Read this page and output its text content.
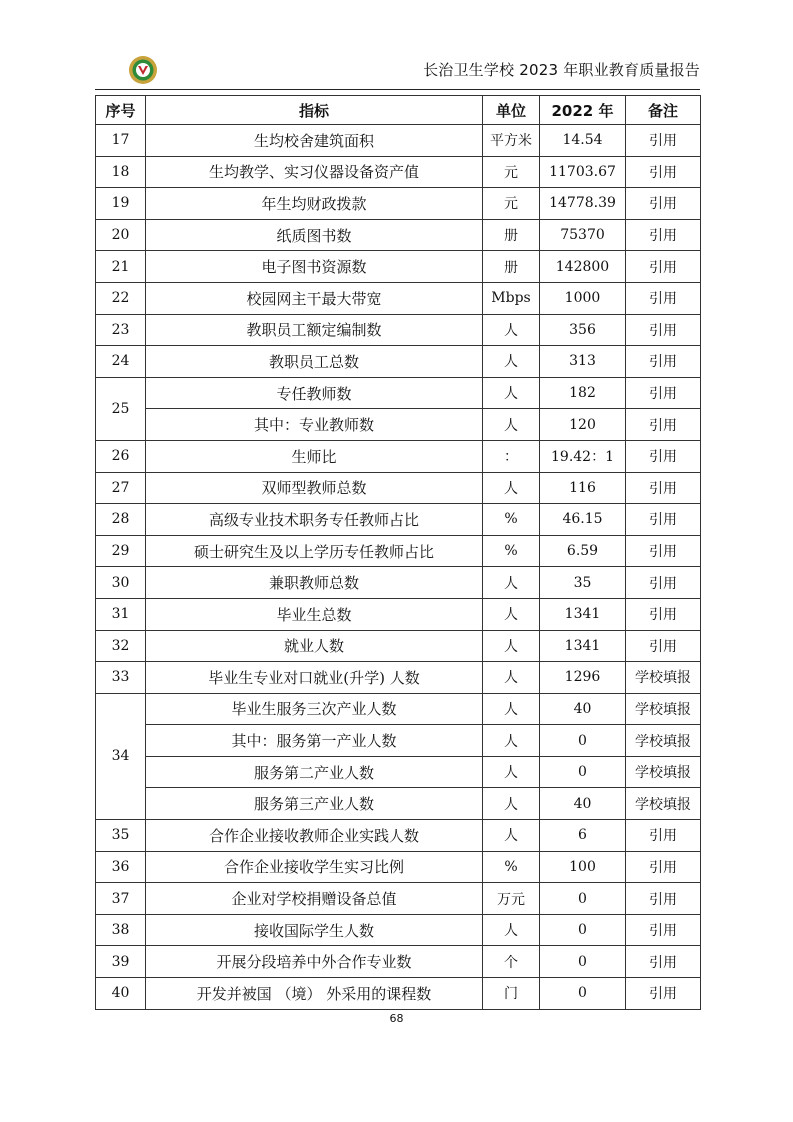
长治卫生学校 2023 年职业教育质量报告
序号	指标	单位	2022 年	备注
17	生均校舍建筑面积	平方米	14.54	引用
18	生均教学、实习仪器设备资产值	元	11703.67	引用
19	年生均财政拨款	元	14778.39	引用
20	纸质图书数	册	75370	引用
21	电子图书资源数	册	142800	引用
22	校园网主干最大带宽	Mbps	1000	引用
23	教职员工额定编制数	人	356	引用
24	教职员工总数	人	313	引用
25	专任教师数	人	182	引用
	其中：专业教师数	人	120	引用
26	生师比	：	19.42：1	引用
27	双师型教师总数	人	116	引用
28	高级专业技术职务专任教师占比	%	46.15	引用
29	硕士研究生及以上学历专任教师占比	%	6.59	引用
30	兼职教师总数	人	35	引用
31	毕业生总数	人	1341	引用
32	就业人数	人	1341	引用
33	毕业生专业对口就业(升学) 人数	人	1296	学校填报
34	毕业生服务三次产业人数	人	40	学校填报
	其中：服务第一产业人数	人	0	学校填报
	服务第二产业人数	人	0	学校填报
	服务第三产业人数	人	40	学校填报
35	合作企业接收教师企业实践人数	人	6	引用
36	合作企业接收学生实习比例	%	100	引用
37	企业对学校捐赠设备总值	万元	0	引用
38	接收国际学生人数	人	0	引用
39	开展分段培养中外合作专业数	个	0	引用
40	开发并被国 （境） 外采用的课程数	门	0	引用
68
